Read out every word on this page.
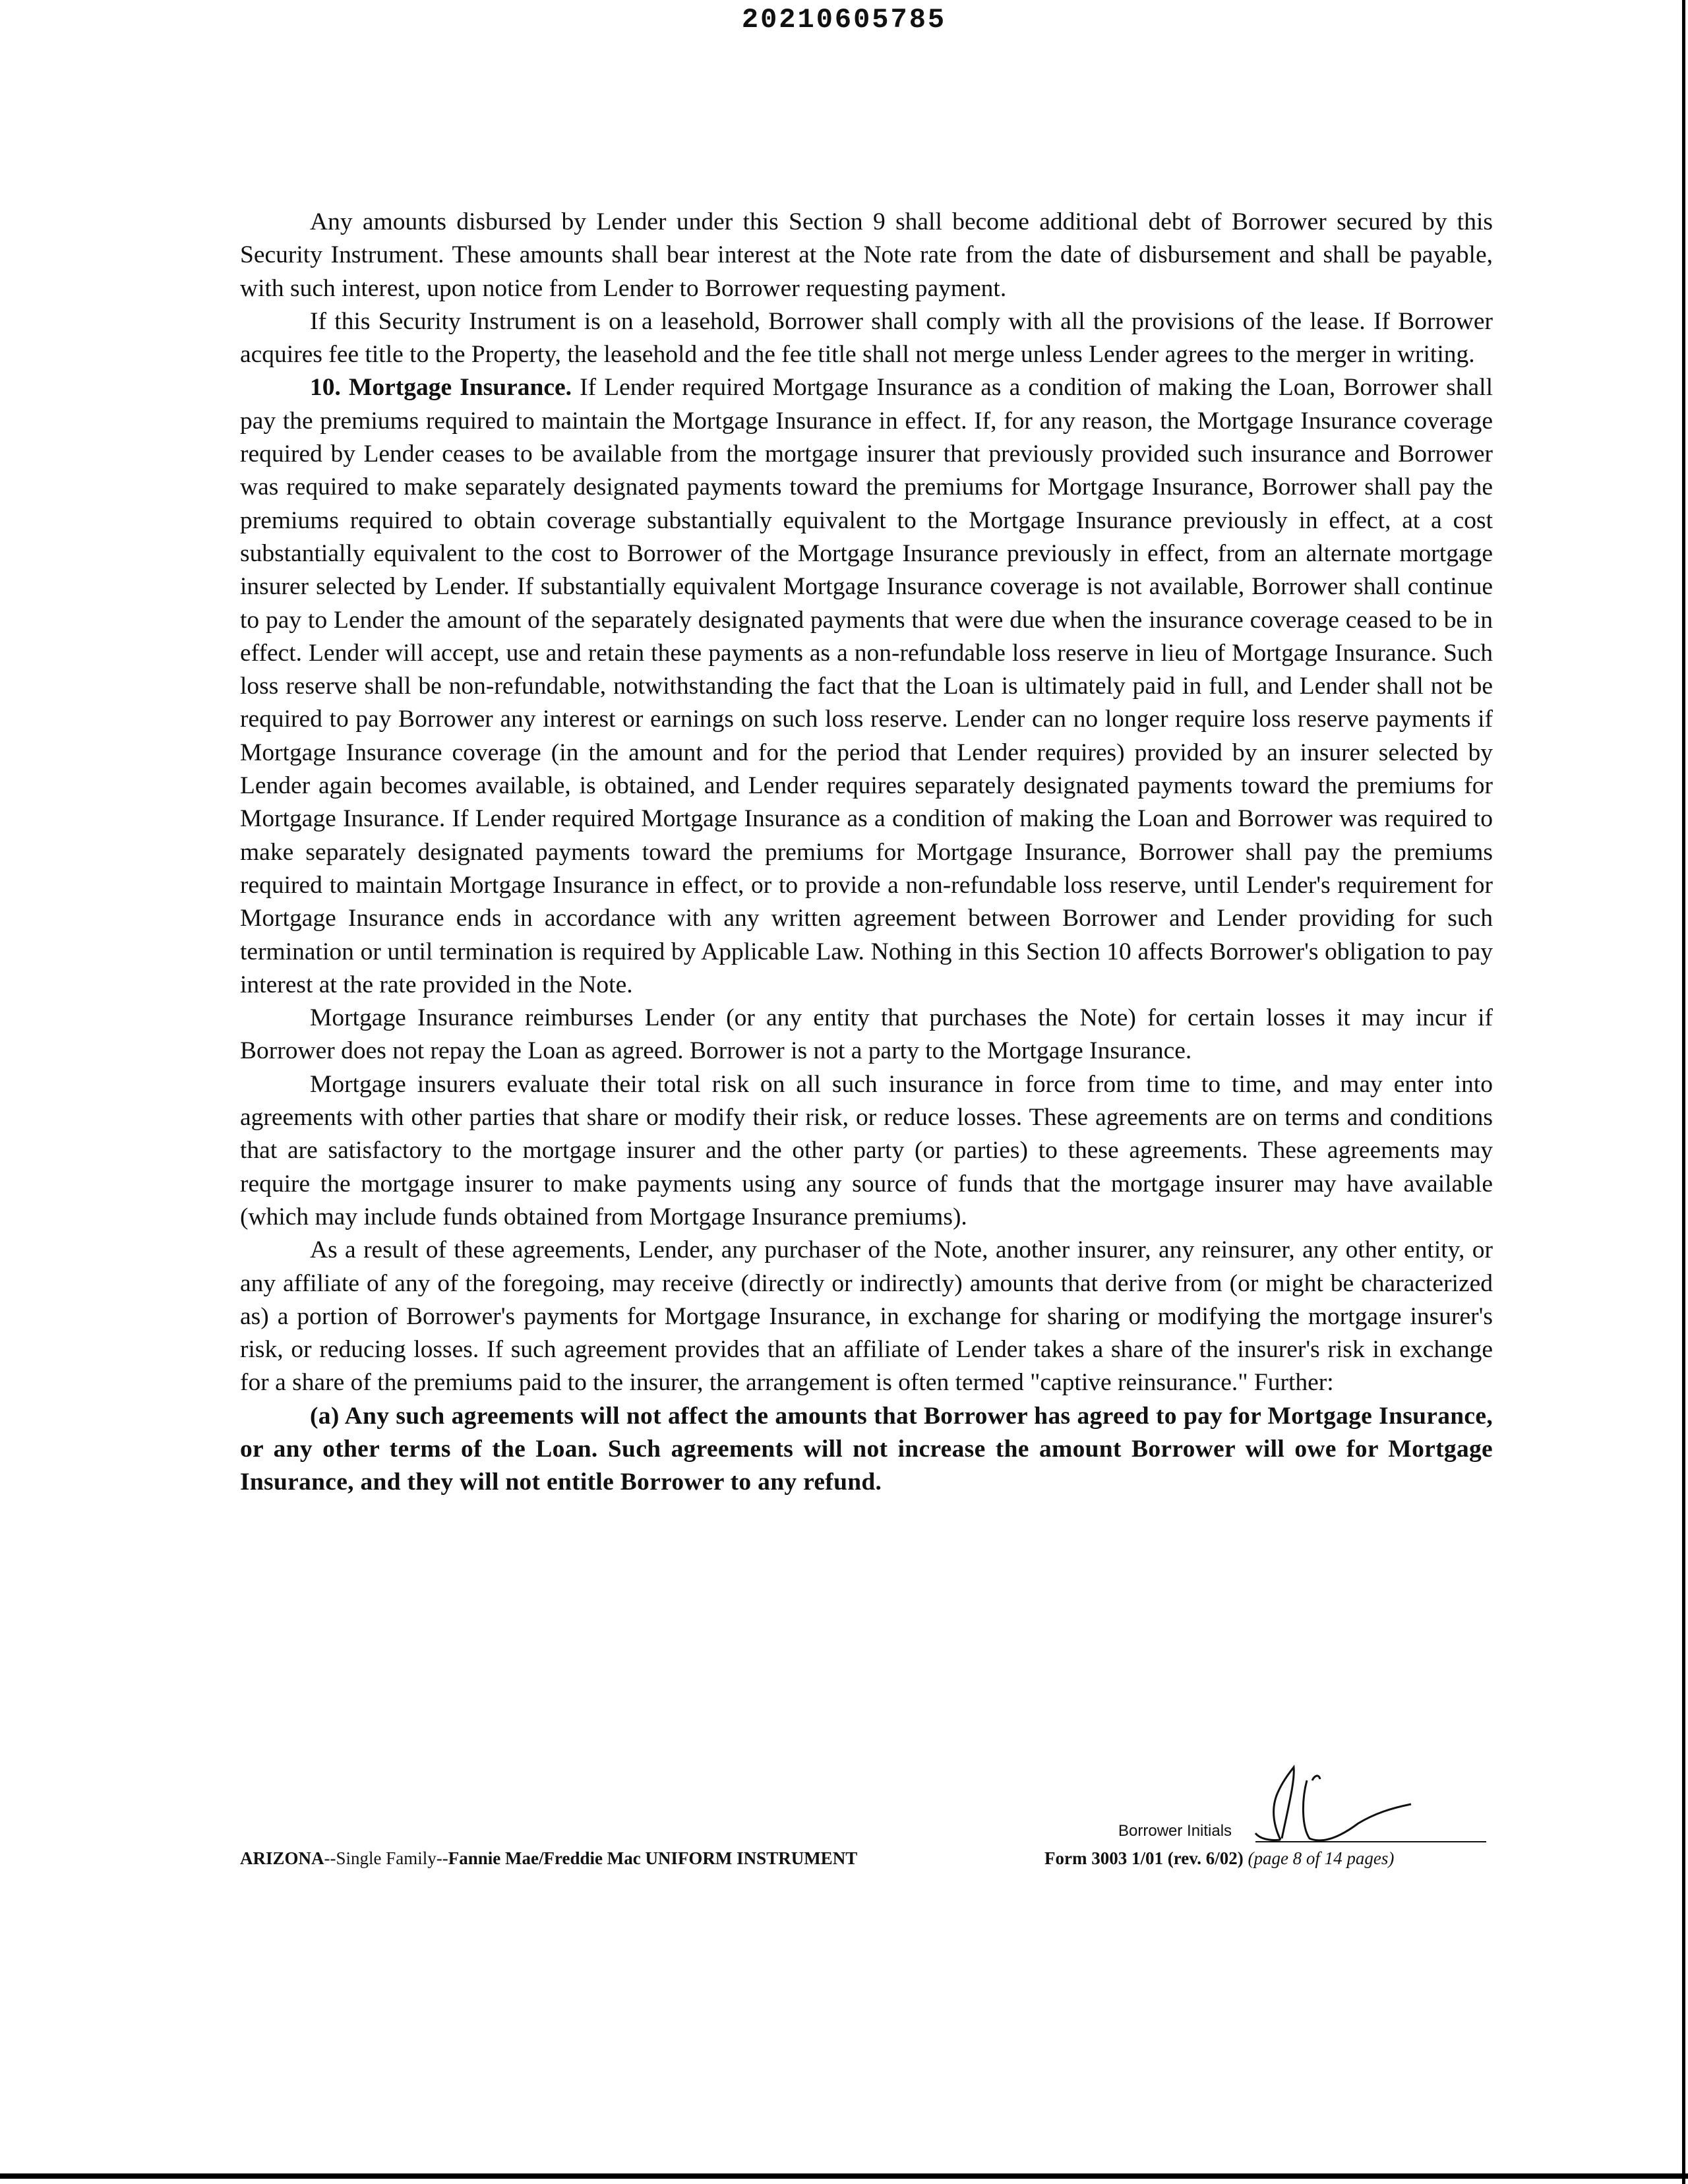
20210605785

Any amounts disbursed by Lender under this Section 9 shall become additional debt of Borrower secured by this Security Instrument. These amounts shall bear interest at the Note rate from the date of disbursement and shall be payable, with such interest, upon notice from Lender to Borrower requesting payment.

If this Security Instrument is on a leasehold, Borrower shall comply with all the provisions of the lease. If Borrower acquires fee title to the Property, the leasehold and the fee title shall not merge unless Lender agrees to the merger in writing.

10. Mortgage Insurance. If Lender required Mortgage Insurance as a condition of making the Loan, Borrower shall pay the premiums required to maintain the Mortgage Insurance in effect. If, for any reason, the Mortgage Insurance coverage required by Lender ceases to be available from the mortgage insurer that previously provided such insurance and Borrower was required to make separately designated payments toward the premiums for Mortgage Insurance, Borrower shall pay the premiums required to obtain coverage substantially equivalent to the Mortgage Insurance previously in effect, at a cost substantially equivalent to the cost to Borrower of the Mortgage Insurance previously in effect, from an alternate mortgage insurer selected by Lender. If substantially equivalent Mortgage Insurance coverage is not available, Borrower shall continue to pay to Lender the amount of the separately designated payments that were due when the insurance coverage ceased to be in effect. Lender will accept, use and retain these payments as a non-refundable loss reserve in lieu of Mortgage Insurance. Such loss reserve shall be non-refundable, notwithstanding the fact that the Loan is ultimately paid in full, and Lender shall not be required to pay Borrower any interest or earnings on such loss reserve. Lender can no longer require loss reserve payments if Mortgage Insurance coverage (in the amount and for the period that Lender requires) provided by an insurer selected by Lender again becomes available, is obtained, and Lender requires separately designated payments toward the premiums for Mortgage Insurance. If Lender required Mortgage Insurance as a condition of making the Loan and Borrower was required to make separately designated payments toward the premiums for Mortgage Insurance, Borrower shall pay the premiums required to maintain Mortgage Insurance in effect, or to provide a non-refundable loss reserve, until Lender's requirement for Mortgage Insurance ends in accordance with any written agreement between Borrower and Lender providing for such termination or until termination is required by Applicable Law. Nothing in this Section 10 affects Borrower's obligation to pay interest at the rate provided in the Note.

Mortgage Insurance reimburses Lender (or any entity that purchases the Note) for certain losses it may incur if Borrower does not repay the Loan as agreed. Borrower is not a party to the Mortgage Insurance.

Mortgage insurers evaluate their total risk on all such insurance in force from time to time, and may enter into agreements with other parties that share or modify their risk, or reduce losses. These agreements are on terms and conditions that are satisfactory to the mortgage insurer and the other party (or parties) to these agreements. These agreements may require the mortgage insurer to make payments using any source of funds that the mortgage insurer may have available (which may include funds obtained from Mortgage Insurance premiums).

As a result of these agreements, Lender, any purchaser of the Note, another insurer, any reinsurer, any other entity, or any affiliate of any of the foregoing, may receive (directly or indirectly) amounts that derive from (or might be characterized as) a portion of Borrower's payments for Mortgage Insurance, in exchange for sharing or modifying the mortgage insurer's risk, or reducing losses. If such agreement provides that an affiliate of Lender takes a share of the insurer's risk in exchange for a share of the premiums paid to the insurer, the arrangement is often termed "captive reinsurance." Further:

(a) Any such agreements will not affect the amounts that Borrower has agreed to pay for Mortgage Insurance, or any other terms of the Loan. Such agreements will not increase the amount Borrower will owe for Mortgage Insurance, and they will not entitle Borrower to any refund.

Borrower Initials
ARIZONA--Single Family--Fannie Mae/Freddie Mac UNIFORM INSTRUMENT	Form 3003 1/01 (rev. 6/02) (page 8 of 14 pages)
